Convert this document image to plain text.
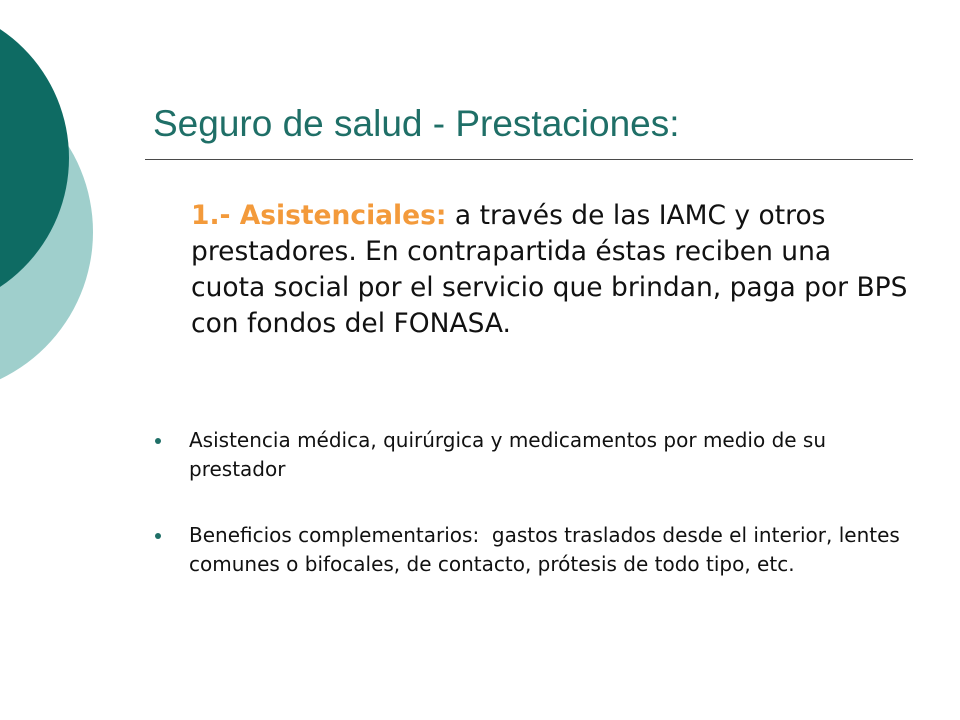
Seguro de salud - Prestaciones:

1.- Asistenciales: a través de las IAMC y otros prestadores. En contrapartida éstas reciben una cuota social por el servicio que brindan, paga por BPS con fondos del FONASA.

Asistencia médica, quirúrgica y medicamentos por medio de su prestador

Beneficios complementarios:  gastos traslados desde el interior, lentes comunes o bifocales, de contacto, prótesis de todo tipo, etc.
